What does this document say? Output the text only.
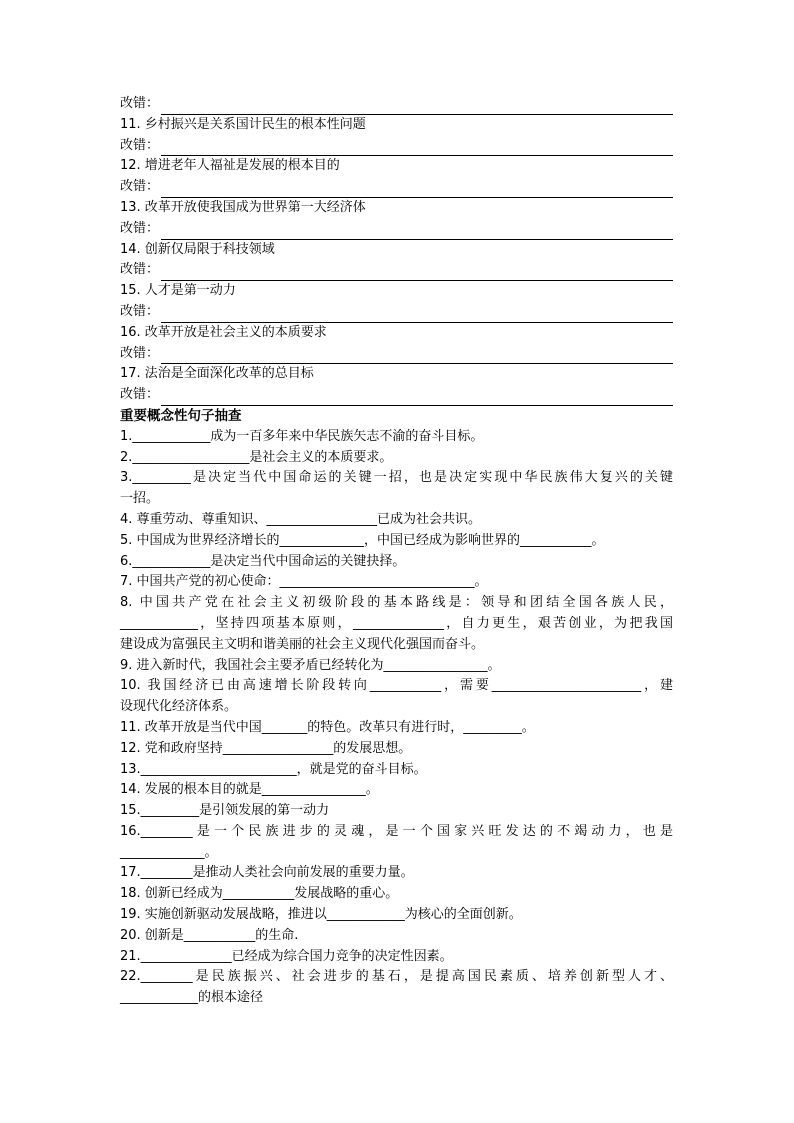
改错：
11. 乡村振兴是关系国计民生的根本性问题
改错：
12. 增进老年人福祉是发展的根本目的
改错：
13. 改革开放使我国成为世界第一大经济体
改错：
14. 创新仅局限于科技领域
改错：
15. 人才是第一动力
改错：
16. 改革开放是社会主义的本质要求
改错：
17. 法治是全面深化改革的总目标
改错：
重要概念性句子抽查
1.____________成为一百多年来中华民族矢志不渝的奋斗目标。
2.__________________是社会主义的本质要求。
3._________是决定当代中国命运的关键一招，也是决定实现中华民族伟大复兴的关键
一招。
4. 尊重劳动、尊重知识、_________________已成为社会共识。
5. 中国成为世界经济增长的_____________，中国已经成为影响世界的___________。
6.____________是决定当代中国命运的关键抉择。
7. 中国共产党的初心使命：______________________________。
8. 中国共产党在社会主义初级阶段的基本路线是：领导和团结全国各族人民，
____________，坚持四项基本原则，______________，自力更生，艰苦创业，为把我国
建设成为富强民主文明和谐美丽的社会主义现代化强国而奋斗。
9. 进入新时代，我国社会主要矛盾已经转化为________________。
10. 我国经济已由高速增长阶段转向___________，需要_______________________，建
设现代化经济体系。
11. 改革开放是当代中国_______的特色。改革只有进行时，_________。
12. 党和政府坚持_________________的发展思想。
13.________________________，就是党的奋斗目标。
14. 发展的根本目的就是________________。
15._________是引领发展的第一动力
16.________是一个民族进步的灵魂，是一个国家兴旺发达的不竭动力，也是
_____________。
17.________是推动人类社会向前发展的重要力量。
18. 创新已经成为___________发展战略的重心。
19. 实施创新驱动发展战略，推进以____________为核心的全面创新。
20. 创新是___________的生命.
21.______________已经成为综合国力竞争的决定性因素。
22.________是民族振兴、社会进步的基石，是提高国民素质、培养创新型人才、
____________的根本途径
